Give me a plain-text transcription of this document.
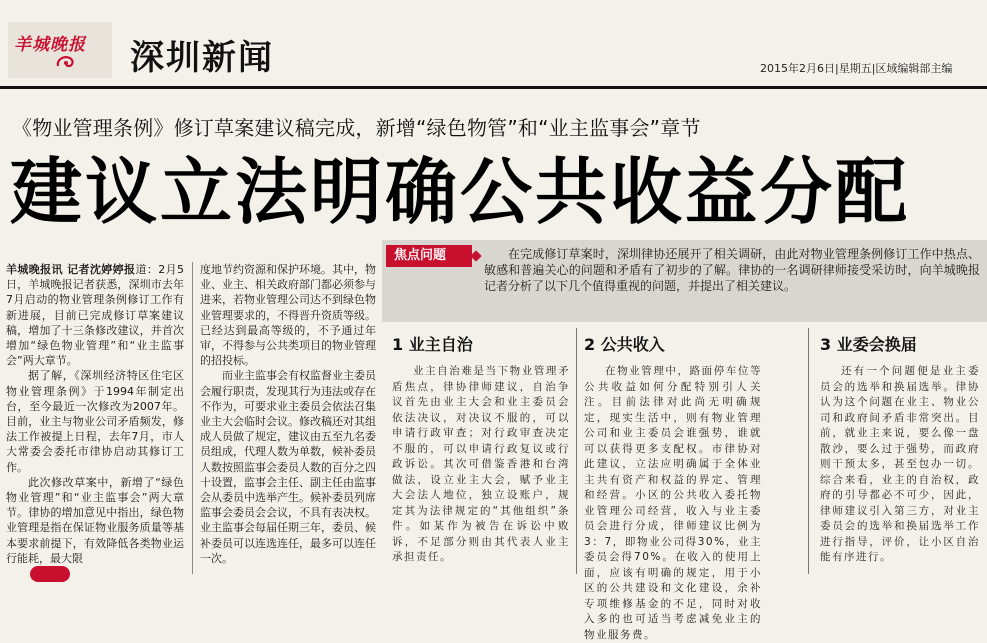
羊城晚报 深圳新闻	2015年2月6日|星期五|区域编辑部主编
《物业管理条例》修订草案建议稿完成，新增“绿色物管”和“业主监事会”章节
建议立法明确公共收益分配

羊城晚报讯 记者沈婷婷报道：2月5日，羊城晚报记者获悉，深圳市去年7月启动的物业管理条例修订工作有新进展，目前已完成修订草案建议稿，增加了十三条修改建议，并首次增加“绿色物业管理”和“业主监事会”两大章节。

据了解，《深圳经济特区住宅区物业管理条例》于1994年制定出台，至今最近一次修改为2007年。目前，业主与物业公司矛盾频发，修法工作被提上日程，去年7月，市人大常委会委托市律协启动其修订工作。

此次修改草案中，新增了“绿色物业管理”和“业主监事会”两大章节。律协的增加意见中指出，绿色物业管理是指在保证物业服务质量等基本要求前提下，有效降低各类物业运行能耗，最大限

度地节约资源和保护环境。其中，物业、业主、相关政府部门都必须参与进来，若物业管理公司达不到绿色物业管理要求的，不得晋升资质等级。已经达到最高等级的，不予通过年审，不得参与公共类项目的物业管理的招投标。

而业主监事会有权监督业主委员会履行职责，发现其行为违法或存在不作为，可要求业主委员会依法召集业主大会临时会议。修改稿还对其组成人员做了规定，建议由五至九名委员组成，代理人数为单数，候补委员人数按照监事会委员人数的百分之四十设置，监事会主任、副主任由监事会从委员中选举产生。候补委员列席监事会委员会会议，不具有表决权。业主监事会每届任期三年，委员、候补委员可以连选连任，最多可以连任一次。

焦点问题	在完成修订草案时，深圳律协还展开了相关调研，由此对物业管理条例修订工作中热点、敏感和普遍关心的问题和矛盾有了初步的了解。律协的一名调研律师接受采访时，向羊城晚报记者分析了以下几个值得重视的问题，并提出了相关建议。
1 业主自治
业主自治难是当下物业管理矛盾焦点，律协律师建议，自治争议首先由业主大会和业主委员会依法决议，对决议不服的，可以申请行政审查；对行政审查决定不服的，可以申请行政复议或行政诉讼。其次可借鉴香港和台湾做法，设立业主大会，赋予业主大会法人地位，独立设账户，规定其为法律规定的“其他组织”条件。如某作为被告在诉讼中败诉，不足部分则由其代表人业主承担责任。
2 公共收入
在物业管理中，路面停车位等公共收益如何分配特别引人关注。目前法律对此尚无明确规定，现实生活中，则有物业管理公司和业主委员会谁强势，谁就可以获得更多支配权。市律协对此建议，立法应明确属于全体业主共有资产和权益的界定、管理和经营。小区的公共收入委托物业管理公司经营，收入与业主委员会进行分成，律师建议比例为3：7，即物业公司得30%，业主委员会得70%。在收入的使用上面，应该有明确的规定，用于小区的公共建设和文化建设，余补专项维修基金的不足，同时对收入多的也可适当考虑减免业主的物业服务费。
3 业委会换届
还有一个问题便是业主委员会的选举和换届选举。律协认为这个问题在业主、物业公司和政府间矛盾非常突出。目前，就业主来说，要么像一盘散沙，要么过于强势，而政府则干预太多，甚至包办一切。综合来看，业主的自治权，政府的引导都必不可少，因此，律师建议引入第三方，对业主委员会的选举和换届选举工作进行指导，评价，让小区自治能有序进行。
